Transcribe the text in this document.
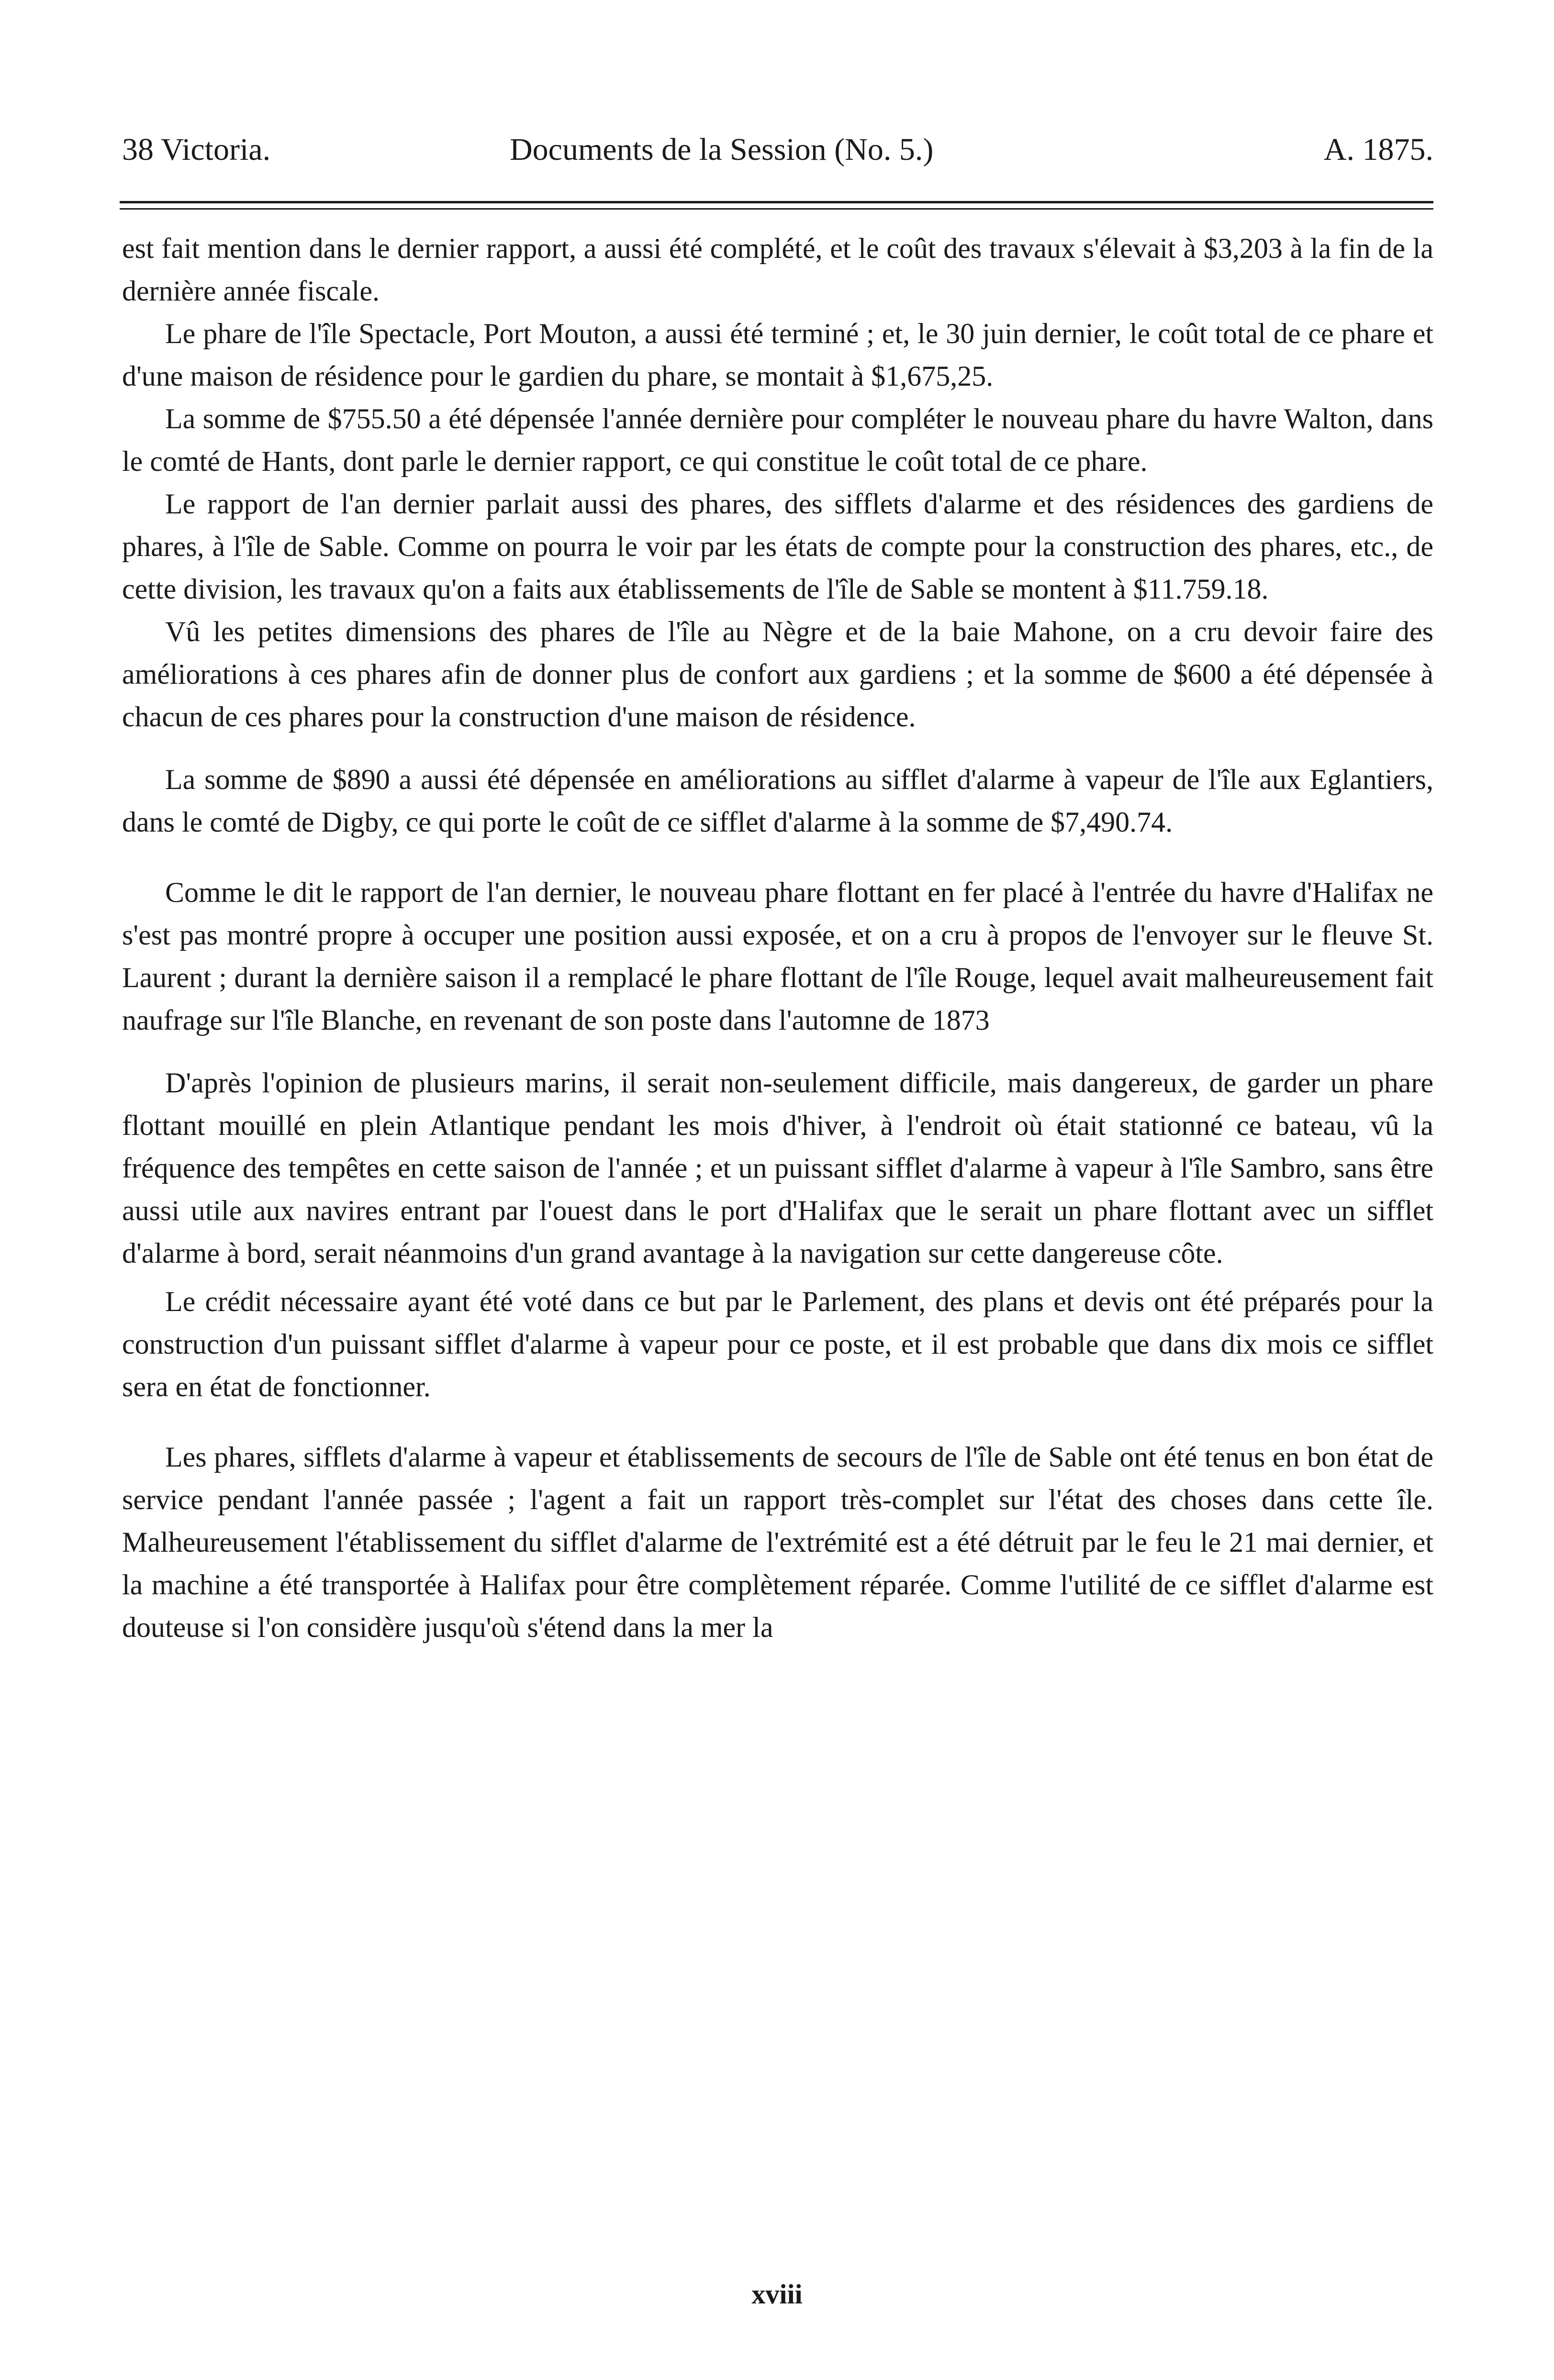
38 Victoria.	Documents de la Session (No. 5.)	A. 1875.

est fait mention dans le dernier rapport, a aussi été complété, et le coût des travaux s'élevait à $3,203 à la fin de la dernière année fiscale.

Le phare de l'île Spectacle, Port Mouton, a aussi été terminé ; et, le 30 juin dernier, le coût total de ce phare et d'une maison de résidence pour le gardien du phare, se montait à $1,675,25.

La somme de $755.50 a été dépensée l'année dernière pour compléter le nouveau phare du havre Walton, dans le comté de Hants, dont parle le dernier rapport, ce qui constitue le coût total de ce phare.

Le rapport de l'an dernier parlait aussi des phares, des sifflets d'alarme et des résidences des gardiens de phares, à l'île de Sable. Comme on pourra le voir par les états de compte pour la construction des phares, etc., de cette division, les travaux qu'on a faits aux établissements de l'île de Sable se montent à $11.759.18.

Vû les petites dimensions des phares de l'île au Nègre et de la baie Mahone, on a cru devoir faire des améliorations à ces phares afin de donner plus de confort aux gardiens ; et la somme de $600 a été dépensée à chacun de ces phares pour la construction d'une maison de résidence.

La somme de $890 a aussi été dépensée en améliorations au sifflet d'alarme à vapeur de l'île aux Eglantiers, dans le comté de Digby, ce qui porte le coût de ce sifflet d'alarme à la somme de $7,490.74.

Comme le dit le rapport de l'an dernier, le nouveau phare flottant en fer placé à l'entrée du havre d'Halifax ne s'est pas montré propre à occuper une position aussi exposée, et on a cru à propos de l'envoyer sur le fleuve St. Laurent ; durant la dernière saison il a remplacé le phare flottant de l'île Rouge, lequel avait malheureusement fait naufrage sur l'île Blanche, en revenant de son poste dans l'automne de 1873

D'après l'opinion de plusieurs marins, il serait non-seulement difficile, mais dangereux, de garder un phare flottant mouillé en plein Atlantique pendant les mois d'hiver, à l'endroit où était stationné ce bateau, vû la fréquence des tempêtes en cette saison de l'année ; et un puissant sifflet d'alarme à vapeur à l'île Sambro, sans être aussi utile aux navires entrant par l'ouest dans le port d'Halifax que le serait un phare flottant avec un sifflet d'alarme à bord, serait néanmoins d'un grand avantage à la navigation sur cette dangereuse côte.

Le crédit nécessaire ayant été voté dans ce but par le Parlement, des plans et devis ont été préparés pour la construction d'un puissant sifflet d'alarme à vapeur pour ce poste, et il est probable que dans dix mois ce sifflet sera en état de fonctionner.

Les phares, sifflets d'alarme à vapeur et établissements de secours de l'île de Sable ont été tenus en bon état de service pendant l'année passée ; l'agent a fait un rapport très-complet sur l'état des choses dans cette île. Malheureusement l'établissement du sifflet d'alarme de l'extrémité est a été détruit par le feu le 21 mai dernier, et la machine a été transportée à Halifax pour être complètement réparée. Comme l'utilité de ce sifflet d'alarme est douteuse si l'on considère jusqu'où s'étend dans la mer la

xviii
